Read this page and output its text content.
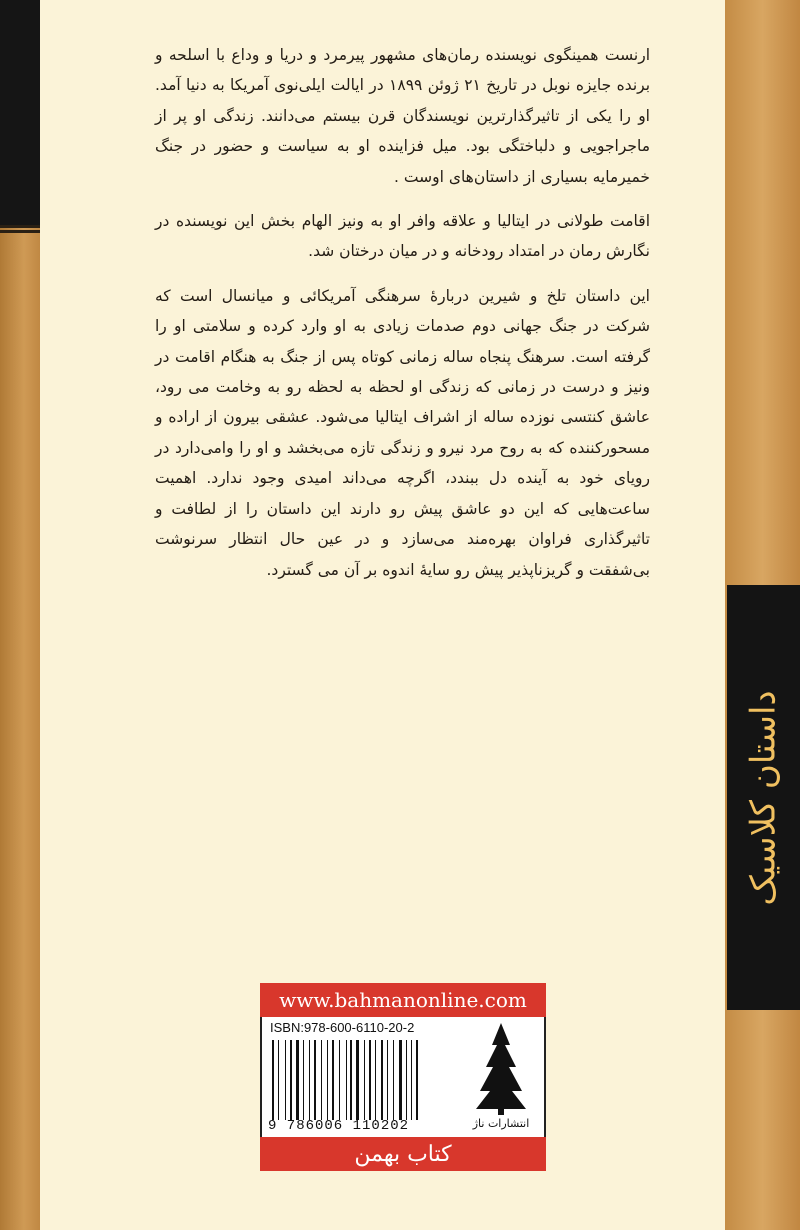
ارنست همینگوی نویسنده رمان‌های مشهور پیرمرد و دریا و وداع با اسلحه و برنده جایزه نوبل در تاریخ ۲۱ ژوئن ۱۸۹۹ در ایالت ایلی‌نوی آمریکا به دنیا آمد. او را یکی از تاثیرگذارترین نویسندگان قرن بیستم می‌دانند. زندگی او پر از ماجراجویی و دلباختگی بود. میل فزاینده او به سیاست و حضور در جنگ خمیرمایه بسیاری از داستان‌های اوست .

اقامت طولانی در ایتالیا و علاقه وافر او به ونیز الهام بخش این نویسنده در نگارش رمان در امتداد رودخانه و در میان درختان شد.

این داستان تلخ و شیرین دربارهٔ سرهنگی آمریکائی و میانسال است که شرکت در جنگ جهانی دوم صدمات زیادی به او وارد کرده و سلامتی او را گرفته است. سرهنگ پنجاه ساله زمانی کوتاه پس از جنگ به هنگام اقامت در ونیز و درست در زمانی که زندگی او لحظه به لحظه رو به وخامت می رود، عاشق کنتسی نوزده ساله از اشراف ایتالیا می‌شود. عشقی بیرون از اراده و مسحورکننده که به روح مرد نیرو و زندگی تازه می‌بخشد و او را وامی‌دارد در رویای خود به آینده دل ببندد، اگرچه می‌داند امیدی وجود ندارد. اهمیت ساعت‌هایی که این دو عاشق پیش رو دارند این داستان را از لطافت و تاثیرگذاری فراوان بهره‌مند می‌سازد و در عین حال انتظار سرنوشت بی‌شفقت و گریزناپذیر پیش رو سایهٔ اندوه بر آن می گسترد.

داستان کلاسیک
www.bahmanonline.com
ISBN:978-600-6110-20-2
9 786006 110202	انتشارات ناژ
کتاب بهمن
